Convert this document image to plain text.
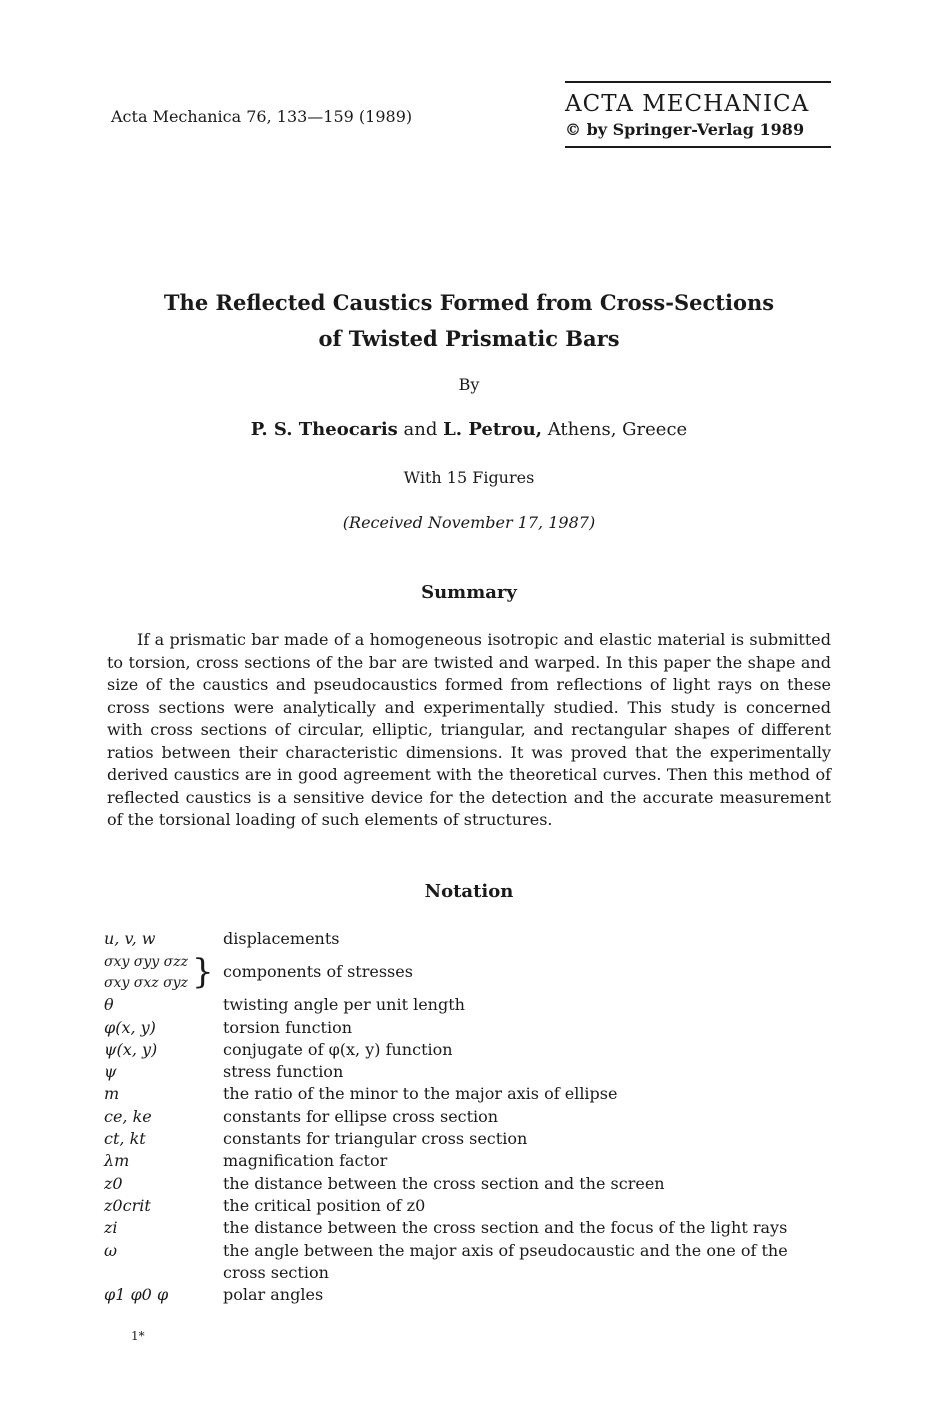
Acta Mechanica 76, 133—159 (1989)	ACTA MECHANICA
© by Springer-Verlag 1989
The Reflected Caustics Formed from Cross-Sections
of Twisted Prismatic Bars
By
P. S. Theocaris and L. Petrou, Athens, Greece
With 15 Figures
(Received November 17, 1987)
Summary

If a prismatic bar made of a homogeneous isotropic and elastic material is submitted to torsion, cross sections of the bar are twisted and warped. In this paper the shape and size of the caustics and pseudocaustics formed from reflections of light rays on these cross sections were analytically and experimentally studied. This study is concerned with cross sections of circular, elliptic, triangular, and rectangular shapes of different ratios between their characteristic dimensions. It was proved that the experimentally derived caustics are in good agreement with the theoretical curves. Then this method of reflected caustics is a sensitive device for the detection and the accurate measurement of the torsional loading of such elements of structures.

Notation
u, v, w	displacements

σxy σyy σzz
σxy σxz σyz }	components of stresses
θ	twisting angle per unit length
φ(x, y)	torsion function
ψ(x, y)	conjugate of φ(x, y) function
ψ	stress function
m	the ratio of the minor to the major axis of ellipse
ce, ke	constants for ellipse cross section
ct, kt	constants for triangular cross section
λm	magnification factor
z0	the distance between the cross section and the screen
z0crit	the critical position of z0
zi	the distance between the cross section and the focus of the light rays
ω	the angle between the major axis of pseudocaustic and the one of the cross section
φ1 φ0 φ	polar angles
1*
